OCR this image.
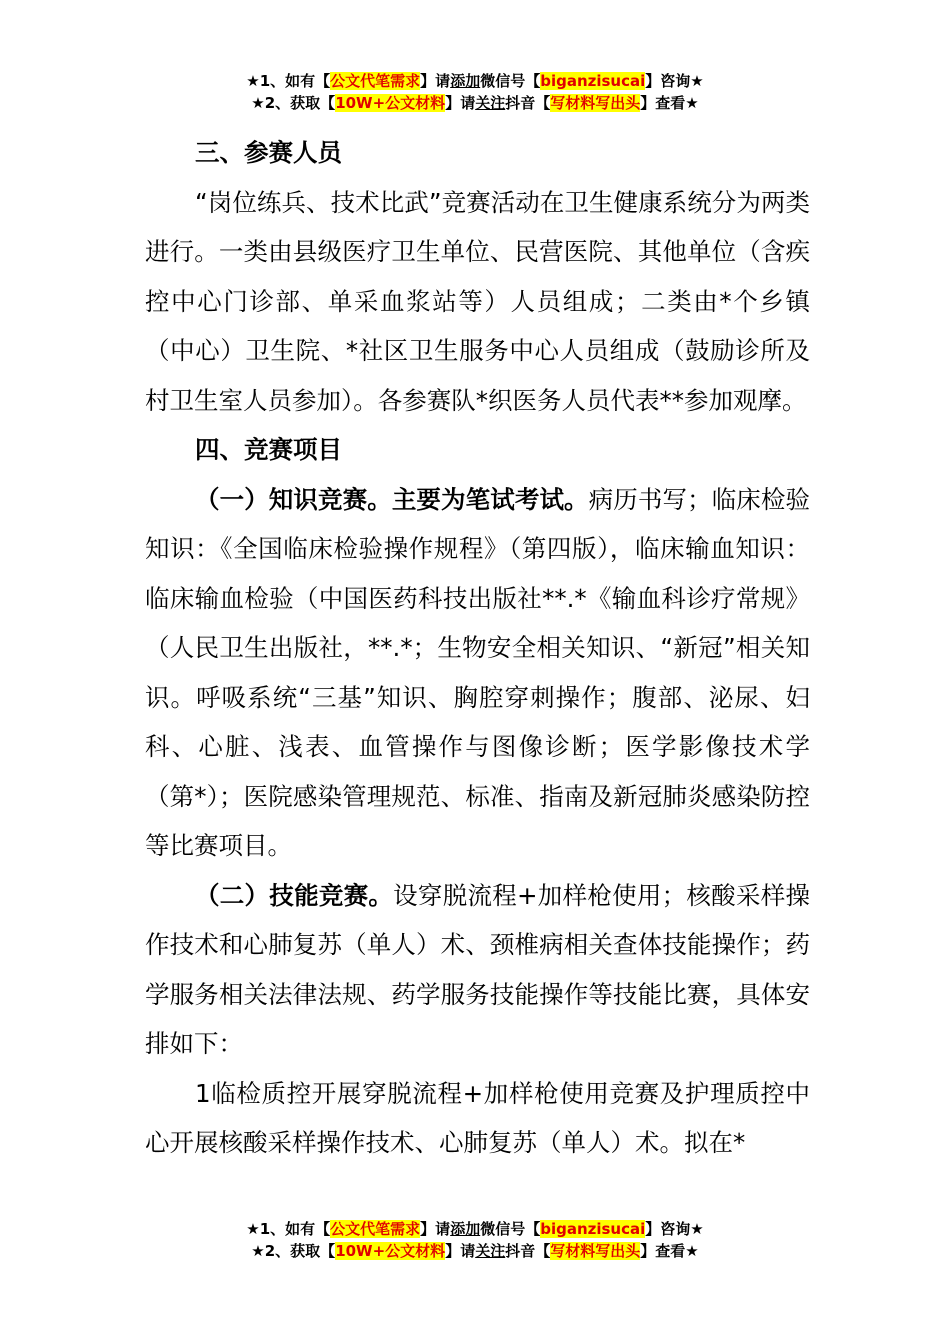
★1、如有【公文代笔需求】请添加微信号【biganzisucai】咨询★
★2、获取【10W+公文材料】请关注抖音【写材料写出头】查看★

三、参赛人员

“岗位练兵、技术比武”竞赛活动在卫生健康系统分为两类进行。一类由县级医疗卫生单位、民营医院、其他单位（含疾控中心门诊部、单采血浆站等）人员组成；二类由*个乡镇（中心）卫生院、*社区卫生服务中心人员组成（鼓励诊所及村卫生室人员参加）。各参赛队*织医务人员代表**参加观摩。

四、竞赛项目

（一）知识竞赛。主要为笔试考试。病历书写；临床检验知识：《全国临床检验操作规程》（第四版），临床输血知识：临床输血检验（中国医药科技出版社**.*《输血科诊疗常规》（人民卫生出版社，**.*；生物安全相关知识、“新冠”相关知识。呼吸系统“三基”知识、胸腔穿刺操作；腹部、泌尿、妇科、心脏、浅表、血管操作与图像诊断；医学影像技术学 （第*）；医院感染管理规范、标准、指南及新冠肺炎感染防控等比赛项目。

（二）技能竞赛。设穿脱流程+加样枪使用；核酸采样操作技术和心肺复苏（单人）术、颈椎病相关查体技能操作；药学服务相关法律法规、药学服务技能操作等技能比赛，具体安排如下：

1临检质控开展穿脱流程+加样枪使用竞赛及护理质控中心开展核酸采样操作技术、心肺复苏（单人）术。拟在*

★1、如有【公文代笔需求】请添加微信号【biganzisucai】咨询★
★2、获取【10W+公文材料】请关注抖音【写材料写出头】查看★
